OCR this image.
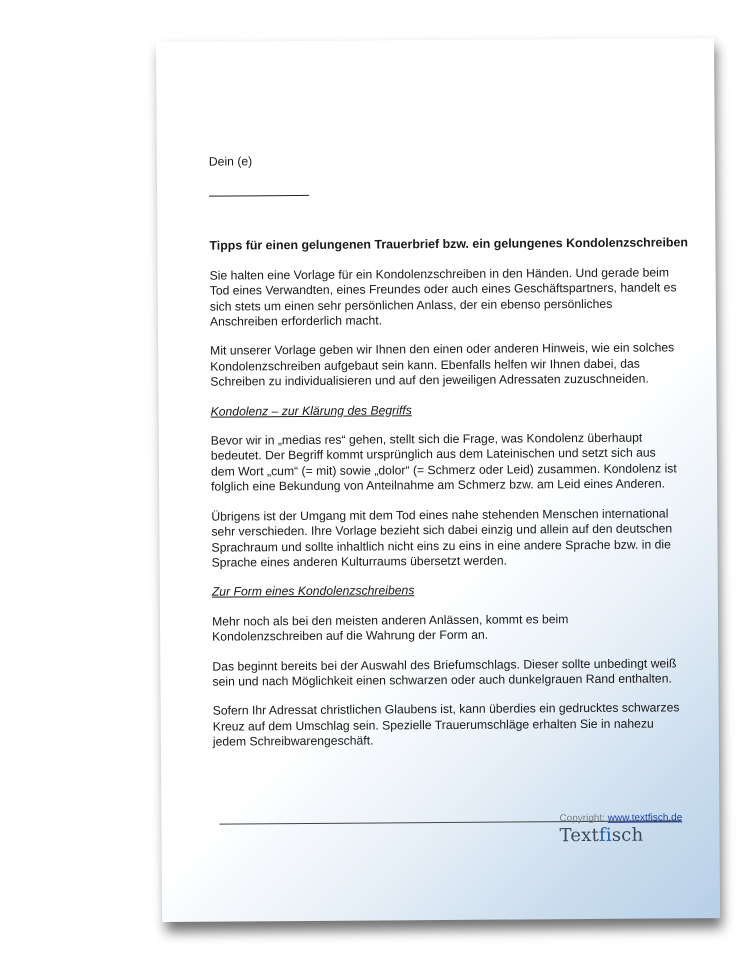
Dein (e)

Tipps für einen gelungenen Trauerbrief bzw. ein gelungenes Kondolenzschreiben

Sie halten eine Vorlage für ein Kondolenzschreiben in den Händen. Und gerade beim Tod eines Verwandten, eines Freundes oder auch eines Geschäftspartners, handelt es sich stets um einen sehr persönlichen Anlass, der ein ebenso persönliches Anschreiben erforderlich macht.

Mit unserer Vorlage geben wir Ihnen den einen oder anderen Hinweis, wie ein solches Kondolenzschreiben aufgebaut sein kann. Ebenfalls helfen wir Ihnen dabei, das Schreiben zu individualisieren und auf den jeweiligen Adressaten zuzuschneiden.

Kondolenz – zur Klärung des Begriffs

Bevor wir in „medias res“ gehen, stellt sich die Frage, was Kondolenz überhaupt bedeutet. Der Begriff kommt ursprünglich aus dem Lateinischen und setzt sich aus dem Wort „cum“ (= mit) sowie „dolor“ (= Schmerz oder Leid) zusammen. Kondolenz ist folglich eine Bekundung von Anteilnahme am Schmerz bzw. am Leid eines Anderen.

Übrigens ist der Umgang mit dem Tod eines nahe stehenden Menschen international sehr verschieden. Ihre Vorlage bezieht sich dabei einzig und allein auf den deutschen Sprachraum und sollte inhaltlich nicht eins zu eins in eine andere Sprache bzw. in die Sprache eines anderen Kulturraums übersetzt werden.

Zur Form eines Kondolenzschreibens

Mehr noch als bei den meisten anderen Anlässen, kommt es beim Kondolenzschreiben auf die Wahrung der Form an.

Das beginnt bereits bei der Auswahl des Briefumschlags. Dieser sollte unbedingt weiß sein und nach Möglichkeit einen schwarzen oder auch dunkelgrauen Rand enthalten.

Sofern Ihr Adressat christlichen Glaubens ist, kann überdies ein gedrucktes schwarzes Kreuz auf dem Umschlag sein. Spezielle Trauerumschläge erhalten Sie in nahezu jedem Schreibwarengeschäft.

Copyright: www.textfisch.de
Textfisch
